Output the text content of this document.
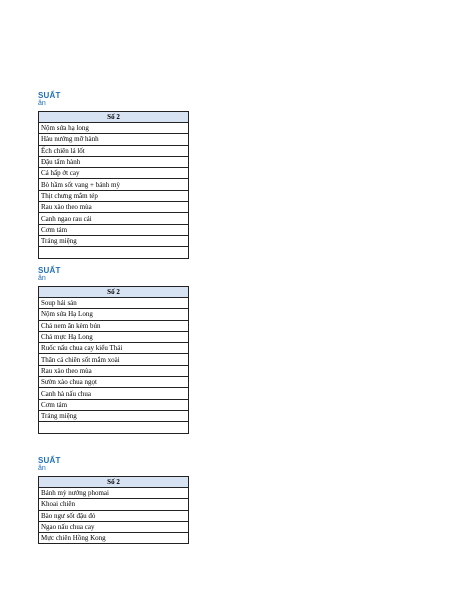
SUẤT
ăn
Số 2
Nộm sứa hạ long
Hàu nướng mỡ hành
Ếch chiên lá lốt
Đậu tẩm hành
Cá hấp ớt cay
Bò hầm sốt vang + bánh mỳ
Thịt chưng mắm tép
Rau xào theo mùa
Canh ngao rau cải
Cơm tám
Tráng miệng

SUẤT
ăn
Số 2
Soup hải sản
Nộm sứa Hạ Long
Chả nem ăn kèm bún
Chả mực Hạ Long
Ruốc nấu chua cay kiểu Thái
Thăn cá chiên sốt mắm xoài
Rau xào theo mùa
Sườn xào chua ngọt
Canh hà nấu chua
Cơm tám
Tráng miệng

SUẤT
ăn
Số 2
Bánh mỳ nướng phomai
Khoai chiên
Bào ngư sốt đậu đỏ
Ngao nấu chua cay
Mực chiên Hồng Kong
